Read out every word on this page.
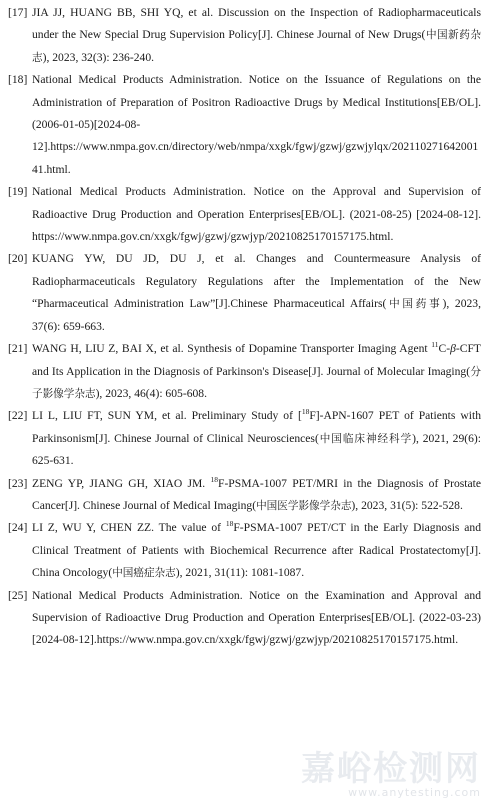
[17] JIA JJ, HUANG BB, SHI YQ, et al. Discussion on the Inspection of Radiopharmaceuticals under the New Special Drug Supervision Policy[J]. Chinese Journal of New Drugs(中国新药杂志), 2023, 32(3): 236-240.
[18] National Medical Products Administration. Notice on the Issuance of Regulations on the Administration of Preparation of Positron Radioactive Drugs by Medical Institutions[EB/OL]. (2006-01-05)[2024-08-12].https://www.nmpa.gov.cn/directory/web/nmpa/xxgk/fgwj/gzwj/gzwjylqx/20211027164200141.html.
[19] National Medical Products Administration. Notice on the Approval and Supervision of Radioactive Drug Production and Operation Enterprises[EB/OL]. (2021-08-25) [2024-08-12]. https://www.nmpa.gov.cn/xxgk/fgwj/gzwj/gzwjyp/20210825170157175.html.
[20] KUANG YW, DU JD, DU J, et al. Changes and Countermeasure Analysis of Radiopharmaceuticals Regulatory Regulations after the Implementation of the New “Pharmaceutical Administration Law”[J].Chinese Pharmaceutical Affairs(中国药事), 2023, 37(6): 659-663.
[21] WANG H, LIU Z, BAI X, et al. Synthesis of Dopamine Transporter Imaging Agent $^{11}$C-β-CFT and Its Application in the Diagnosis of Parkinson's Disease[J]. Journal of Molecular Imaging(分子影像学杂志), 2023, 46(4): 605-608.
[22] LI L, LIU FT, SUN YM, et al. Preliminary Study of [$^{18}$F]-APN-1607 PET of Patients with Parkinsonism[J]. Chinese Journal of Clinical Neurosciences(中国临床神经科学), 2021, 29(6): 625-631.
[23] ZENG YP, JIANG GH, XIAO JM. $^{18}$F-PSMA-1007 PET/MRI in the Diagnosis of Prostate Cancer[J]. Chinese Journal of Medical Imaging(中国医学影像学杂志), 2023, 31(5): 522-528.
[24] LI Z, WU Y, CHEN ZZ. The value of $^{18}$F-PSMA-1007 PET/CT in the Early Diagnosis and Clinical Treatment of Patients with Biochemical Recurrence after Radical Prostatectomy[J]. China Oncology(中国癌症杂志), 2021, 31(11): 1081-1087.
[25] National Medical Products Administration. Notice on the Examination and Approval and Supervision of Radioactive Drug Production and Operation Enterprises[EB/OL]. (2022-03-23)[2024-08-12].https://www.nmpa.gov.cn/xxgk/fgwj/gzwj/gzwjyp/20210825170157175.html.
嘉峪检测网
www.anytesting.com
